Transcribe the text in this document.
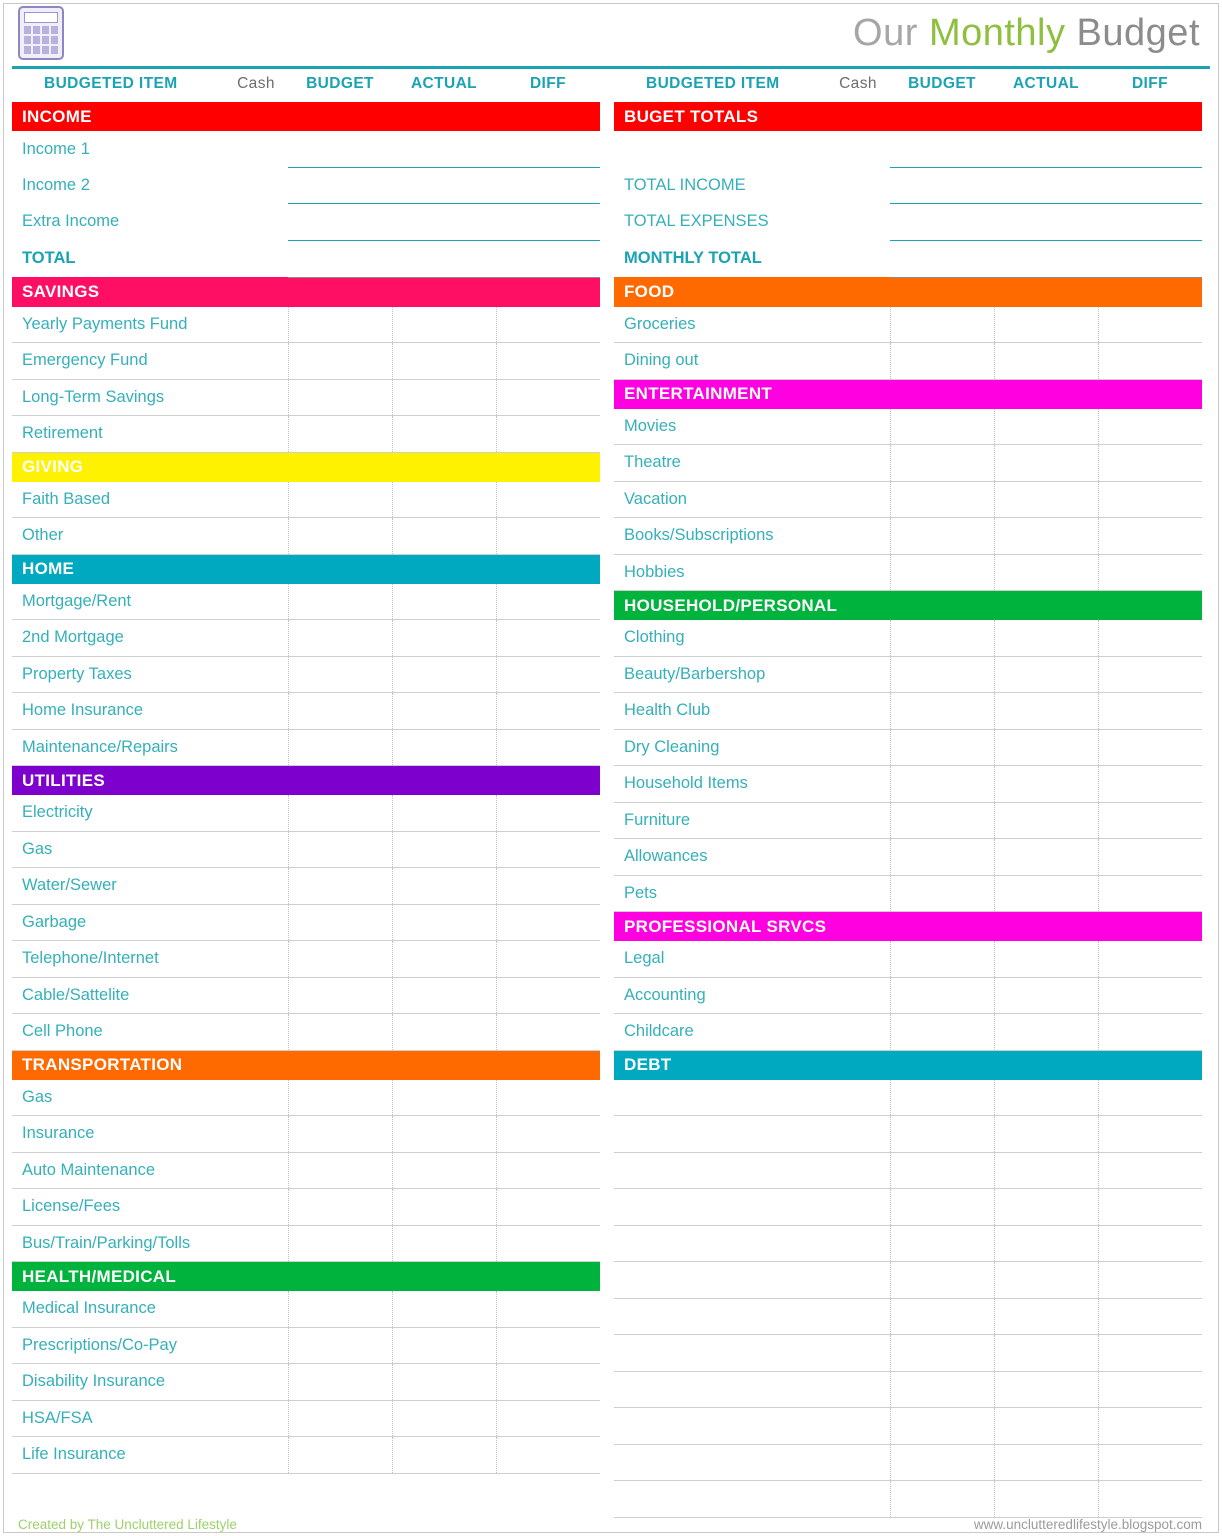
Our Monthly Budget
BUDGETED ITEM	Cash	BUDGET	ACTUAL	DIFF
INCOME				
Income 1				
Income 2				
Extra Income				
TOTAL				
SAVINGS				
Yearly Payments Fund				
Emergency Fund				
Long-Term Savings				
Retirement				
GIVING				
Faith Based				
Other				
HOME				
Mortgage/Rent				
2nd Mortgage				
Property Taxes				
Home Insurance				
Maintenance/Repairs				
UTILITIES				
Electricity				
Gas				
Water/Sewer				
Garbage				
Telephone/Internet				
Cable/Sattelite				
Cell Phone				
TRANSPORTATION				
Gas				
Insurance				
Auto Maintenance				
License/Fees				
Bus/Train/Parking/Tolls				
HEALTH/MEDICAL				
Medical Insurance				
Prescriptions/Co-Pay				
Disability Insurance				
HSA/FSA				
Life Insurance				
BUDGETED ITEM	Cash	BUDGET	ACTUAL	DIFF
BUGET TOTALS				

TOTAL INCOME				
TOTAL EXPENSES				
MONTHLY TOTAL				
FOOD				
Groceries				
Dining out				
ENTERTAINMENT				
Movies				
Theatre				
Vacation				
Books/Subscriptions				
Hobbies				
HOUSEHOLD/PERSONAL				
Clothing				
Beauty/Barbershop				
Health Club				
Dry Cleaning				
Household Items				
Furniture				
Allowances				
Pets				
PROFESSIONAL SRVCS				
Legal				
Accounting				
Childcare				
DEBT				

Created by The Uncluttered Lifestyle	www.unclutteredlifestyle.blogspot.com
